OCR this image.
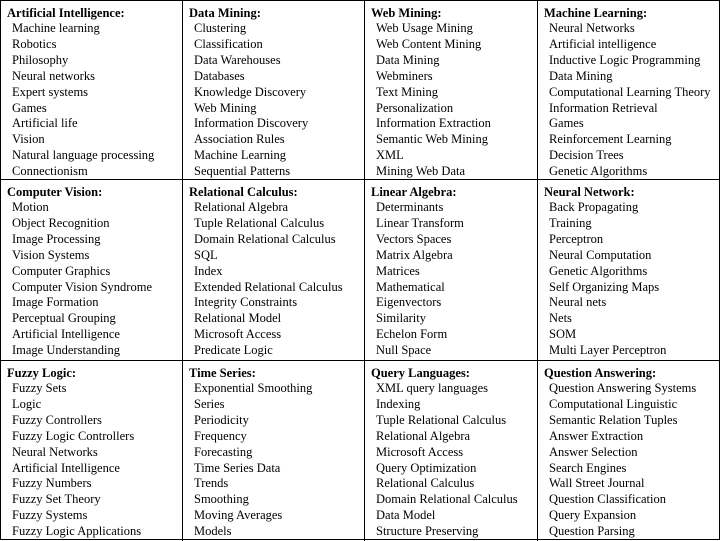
Artificial Intelligence:
Machine learning
Robotics
Philosophy
Neural networks
Expert systems
Games
Artificial life
Vision
Natural language processing
Connectionism
Data Mining:
Clustering
Classification
Data Warehouses
Databases
Knowledge Discovery
Web Mining
Information Discovery
Association Rules
Machine Learning
Sequential Patterns
Web Mining:
Web Usage Mining
Web Content Mining
Data Mining
Webminers
Text Mining
Personalization
Information Extraction
Semantic Web Mining
XML
Mining Web Data
Machine Learning:
Neural Networks
Artificial intelligence
Inductive Logic Programming
Data Mining
Computational Learning Theory
Information Retrieval
Games
Reinforcement Learning
Decision Trees
Genetic Algorithms
Computer Vision:
Motion
Object Recognition
Image Processing
Vision Systems
Computer Graphics
Computer Vision Syndrome
Image Formation
Perceptual Grouping
Artificial Intelligence
Image Understanding
Relational Calculus:
Relational Algebra
Tuple Relational Calculus
Domain Relational Calculus
SQL
Index
Extended Relational Calculus
Integrity Constraints
Relational Model
Microsoft Access
Predicate Logic
Linear Algebra:
Determinants
Linear Transform
Vectors Spaces
Matrix Algebra
Matrices
Mathematical
Eigenvectors
Similarity
Echelon Form
Null Space
Neural Network:
Back Propagating
Training
Perceptron
Neural Computation
Genetic Algorithms
Self Organizing Maps
Neural nets
Nets
SOM
Multi Layer Perceptron
Fuzzy Logic:
Fuzzy Sets
Logic
Fuzzy Controllers
Fuzzy Logic Controllers
Neural Networks
Artificial Intelligence
Fuzzy Numbers
Fuzzy Set Theory
Fuzzy Systems
Fuzzy Logic Applications
Time Series:
Exponential Smoothing
Series
Periodicity
Frequency
Forecasting
Time Series Data
Trends
Smoothing
Moving Averages
Models
Query Languages:
XML query languages
Indexing
Tuple Relational Calculus
Relational Algebra
Microsoft Access
Query Optimization
Relational Calculus
Domain Relational Calculus
Data Model
Structure Preserving
Question Answering:
Question Answering Systems
Computational Linguistic
Semantic Relation Tuples
Answer Extraction
Answer Selection
Search Engines
Wall Street Journal
Question Classification
Query Expansion
Question Parsing
